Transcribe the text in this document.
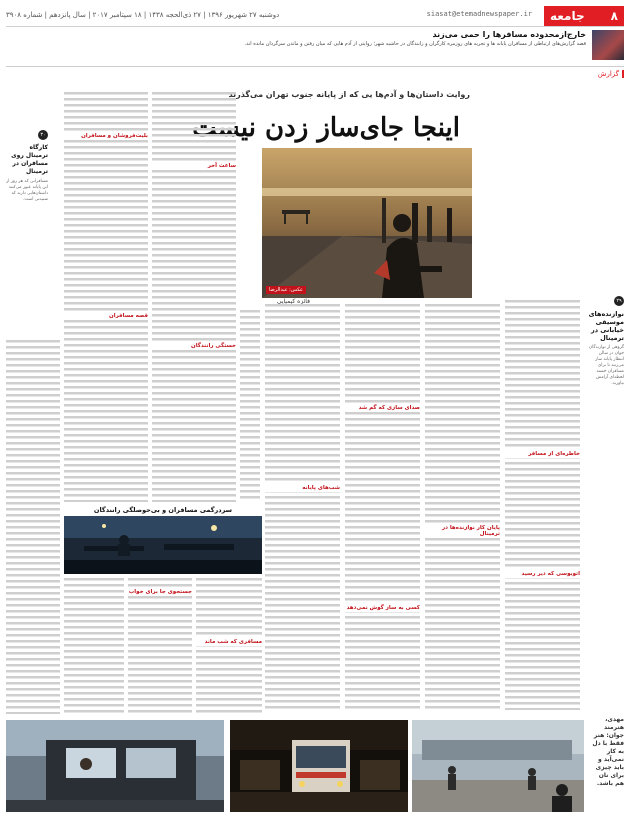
۸
جامعه
siasat@etemadnewspaper.ir
دوشنبه ۲۷ شهریور ۱۳۹۶ | ۲۷ ذی‌الحجه ۱۴۳۸ | ۱۸ سپتامبر ۲۰۱۷ | سال پانزدهم | شماره ۳۹۰۸
خارج‌ازمحدوده مسافرها را حمی می‌زند
قصه گزارش‌های ارتباطی از مسافران پایانه ها و تجربه های روزمره کارگران و رانندگان در حاشیه شهر؛ روایتی از آدم هایی که میان رفتن و ماندن سرگردان مانده اند.
گزارش
روایت داستان‌ها و آدم‌ها یی که از پایانه جنوب تهران می‌گذرند
اینجا جای‌ساز زدن نیست
عکس: عبدالرضا
فائزه کیمیایی	۲۹
نوازنده‌های موسیقی خیابانی در ترمینال
گروهی از نوازندگان جوان در سالن انتظار پایانه ساز می‌زنند تا برای مسافران خسته لحظه‌ای آرامش بیاورند.
۳۰
کارگاه ترمینال روی مسافران در ترمینال
مسافرانی که هر روز از این پایانه عبور می‌کنند داستان‌هایی دارند که شنیدنی است.
خاطره‌ای از مسافر
اتوبوسی که دیر رسید
پایان کار نوازنده‌ها در ترمینال
صدای سازی که گم شد
کسی به ساز گوش نمی‌دهد
شب‌های پایانه
بلیت‌فروشان و مسافران
قصه مسافران
ساعت آخر
خستگی رانندگان
سردرگمی مسافران و بی‌حوصلگی رانندگان
جستجوی جا برای خواب
مسافری که شب ماند
مهدی، هنرمند جوان: هنر فقط با دل به کار نمی‌آید و باید چیزی برای نان هم باشد.
